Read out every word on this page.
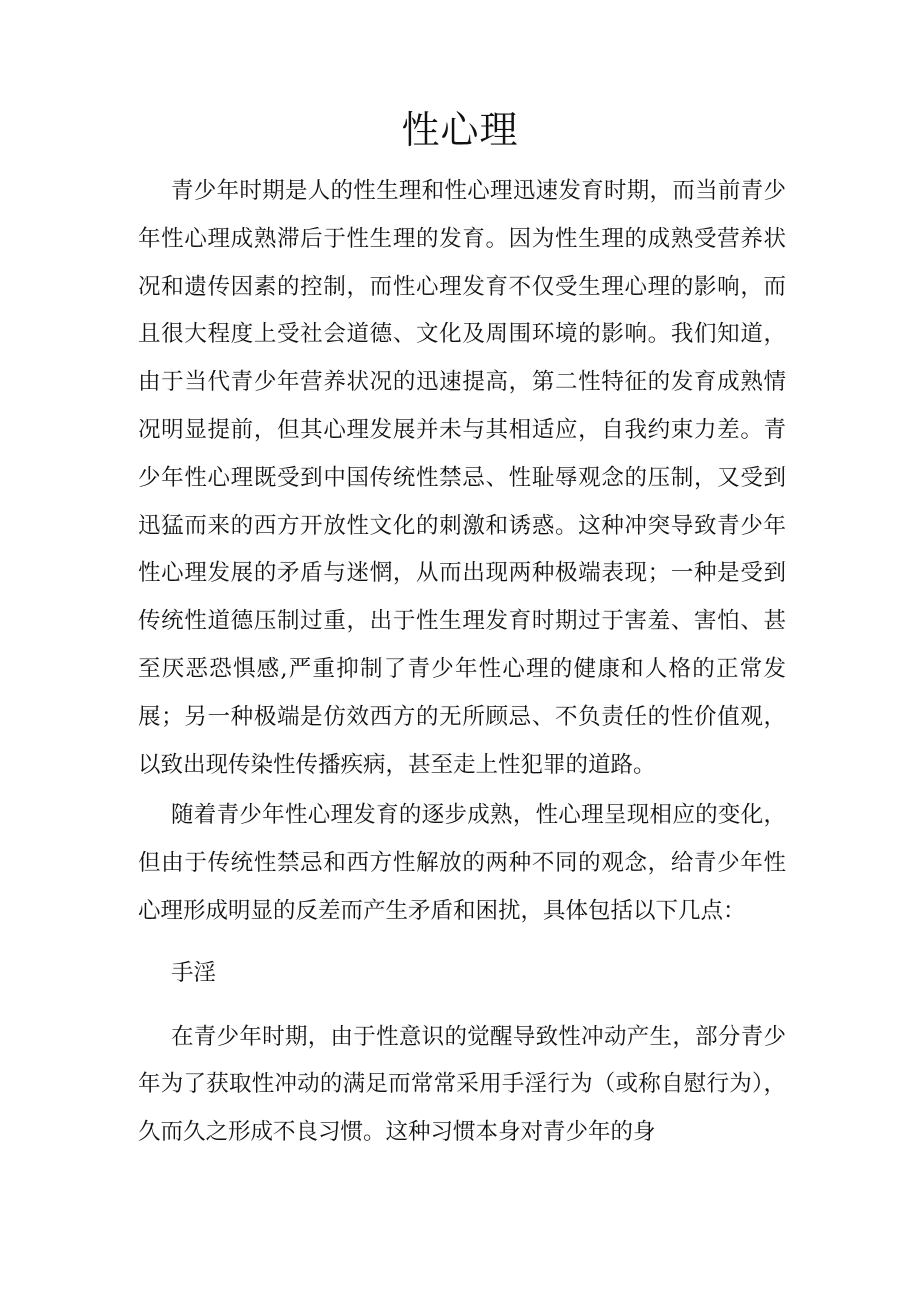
性心理

青少年时期是人的性生理和性心理迅速发育时期，而当前青少年性心理成熟滞后于性生理的发育。因为性生理的成熟受营养状况和遗传因素的控制，而性心理发育不仅受生理心理的影响，而且很大程度上受社会道德、文化及周围环境的影响。我们知道，由于当代青少年营养状况的迅速提高，第二性特征的发育成熟情况明显提前，但其心理发展并未与其相适应，自我约束力差。青少年性心理既受到中国传统性禁忌、性耻辱观念的压制，又受到迅猛而来的西方开放性文化的刺激和诱惑。这种冲突导致青少年性心理发展的矛盾与迷惘，从而出现两种极端表现；一种是受到传统性道德压制过重，出于性生理发育时期过于害羞、害怕、甚至厌恶恐惧感,严重抑制了青少年性心理的健康和人格的正常发展；另一种极端是仿效西方的无所顾忌、不负责任的性价值观，以致出现传染性传播疾病，甚至走上性犯罪的道路。

随着青少年性心理发育的逐步成熟，性心理呈现相应的变化，但由于传统性禁忌和西方性解放的两种不同的观念，给青少年性心理形成明显的反差而产生矛盾和困扰，具体包括以下几点：

手淫

在青少年时期，由于性意识的觉醒导致性冲动产生，部分青少年为了获取性冲动的满足而常常采用手淫行为（或称自慰行为），久而久之形成不良习惯。这种习惯本身对青少年的身
